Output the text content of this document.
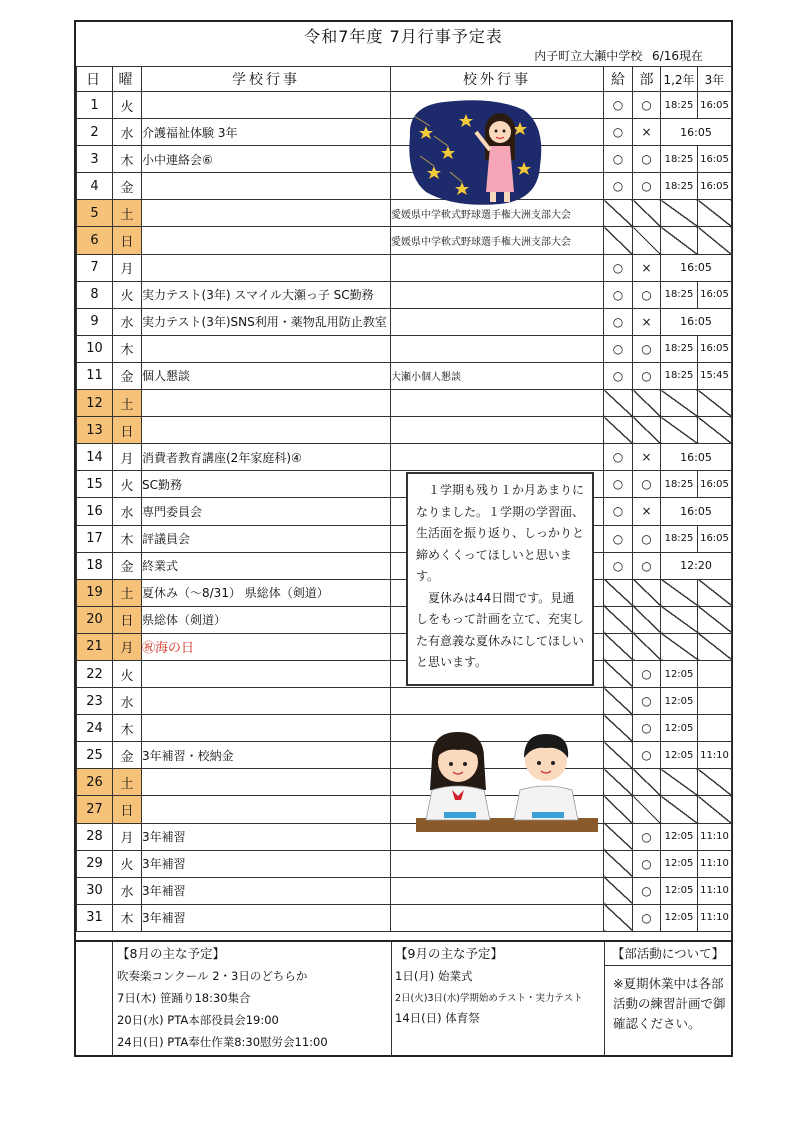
令和7年度 7月行事予定表
内子町立大瀬中学校 6/16現在
日	曜	学校行事	校外行事	給	部	1,2年	3年
1	火			○	○	18:25	16:05
2	水	介護福祉体験 3年		○	×	16:05	
3	木	小中連絡会⑥		○	○	18:25	16:05
4	金			○	○	18:25	16:05
5	土		愛媛県中学軟式野球選手権大洲支部大会				
6	日		愛媛県中学軟式野球選手権大洲支部大会				
7	月			○	×	16:05	
8	火	実力テスト(3年) スマイル大瀬っ子 SC勤務		○	○	18:25	16:05
9	水	実力テスト(3年)SNS利用・薬物乱用防止教室		○	×	16:05	
10	木			○	○	18:25	16:05
11	金	個人懇談	大瀬小個人懇談	○	○	18:25	15:45
12	土						
13	日						
14	月	消費者教育講座(2年家庭科)④		○	×	16:05	
15	火	SC勤務		○	○	18:25	16:05
16	水	専門委員会		○	×	16:05	
17	木	評議員会		○	○	18:25	16:05
18	金	終業式		○	○	12:20	
19	土	夏休み（～8/31） 県総体（剣道）					
20	日	県総体（剣道）					
21	月	㊗海の日					
22	火				○	12:05	
23	水				○	12:05	
24	木				○	12:05	
25	金	3年補習・校納金			○	12:05	11:10
26	土						
27	日						
28	月	3年補習			○	12:05	11:10
29	火	3年補習			○	12:05	11:10
30	水	3年補習			○	12:05	11:10
31	木	3年補習			○	12:05	11:10
【8月の主な予定】
吹奏楽コンクール 2・3日のどちらか
7日(木) 笹踊り18:30集合
20日(水) PTA本部役員会19:00
24日(日) PTA奉仕作業8:30慰労会11:00
【9月の主な予定】
1日(月) 始業式
2日(火)3日(水)学期始めテスト・実力テスト
14日(日) 体育祭
【部活動について】
※夏期休業中は各部活動の練習計画で御確認ください。

１学期も残り１か月あまりになりました。１学期の学習面、生活面を振り返り、しっかりと締めくくってほしいと思います。

夏休みは44日間です。見通しをもって計画を立て、充実した有意義な夏休みにしてほしいと思います。
